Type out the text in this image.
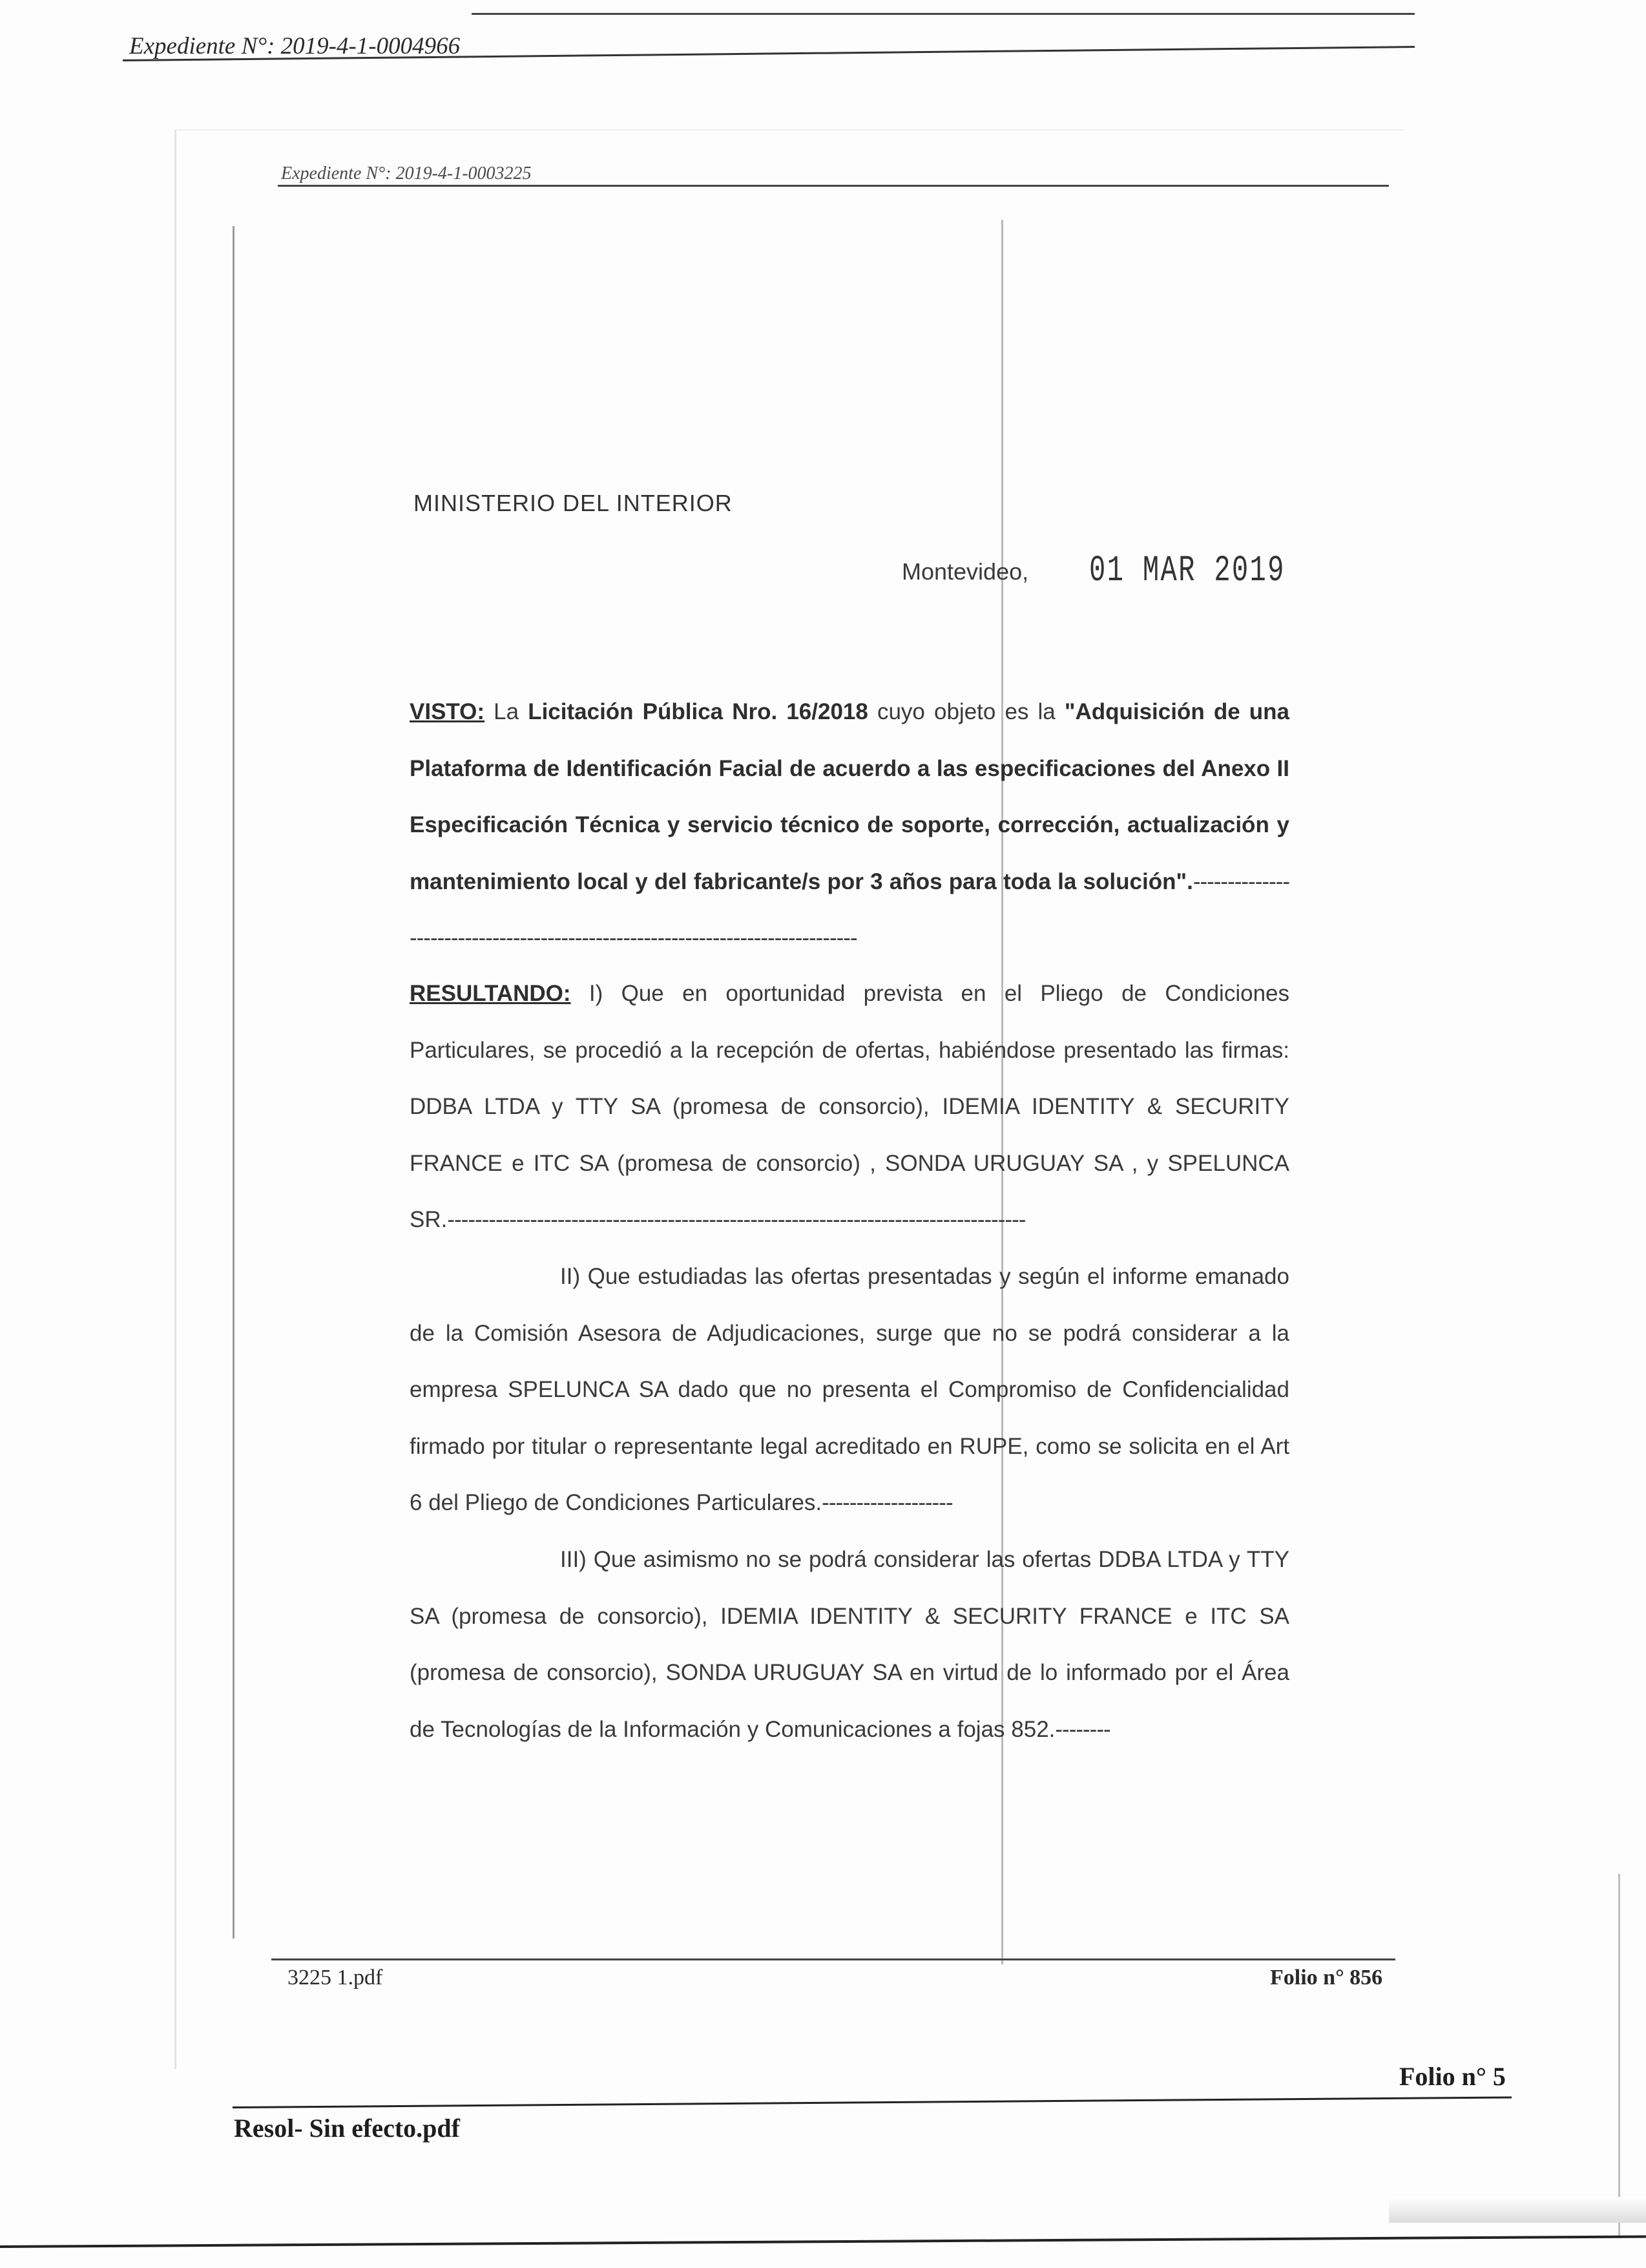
Expediente N°: 2019-4-1-0004966
Expediente N°: 2019-4-1-0003225
MINISTERIO DEL INTERIOR
Montevideo, 01 MAR 2019

VISTO: La Licitación Pública Nro. 16/2018 cuyo objeto es la "Adquisición de una Plataforma de Identificación Facial de acuerdo a las especificaciones del Anexo II Especificación Técnica y servicio técnico de soporte, corrección, actualización y mantenimiento local y del fabricante/s por 3 años para toda la solución".-------------------------------------------------------------------------------

RESULTANDO: I) Que en oportunidad prevista en el Pliego de Condiciones Particulares, se procedió a la recepción de ofertas, habiéndose presentado las firmas: DDBA LTDA y TTY SA (promesa de consorcio), IDEMIA IDENTITY & SECURITY FRANCE e ITC SA (promesa de consorcio) , SONDA URUGUAY SA , y SPELUNCA SR.------------------------------------------------------------------------------------

II) Que estudiadas las ofertas presentadas y según el informe emanado de la Comisión Asesora de Adjudicaciones, surge que no se podrá considerar a la empresa SPELUNCA SA dado que no presenta el Compromiso de Confidencialidad firmado por titular o representante legal acreditado en RUPE, como se solicita en el Art 6 del Pliego de Condiciones Particulares.-------------------

III) Que asimismo no se podrá considerar las ofertas DDBA LTDA y TTY SA (promesa de consorcio), IDEMIA IDENTITY & SECURITY FRANCE e ITC SA (promesa de consorcio), SONDA URUGUAY SA en virtud de lo informado por el Área de Tecnologías de la Información y Comunicaciones a fojas 852.--------

3225 1.pdf	Folio n° 856
Resol- Sin efecto.pdf
Folio n° 5
